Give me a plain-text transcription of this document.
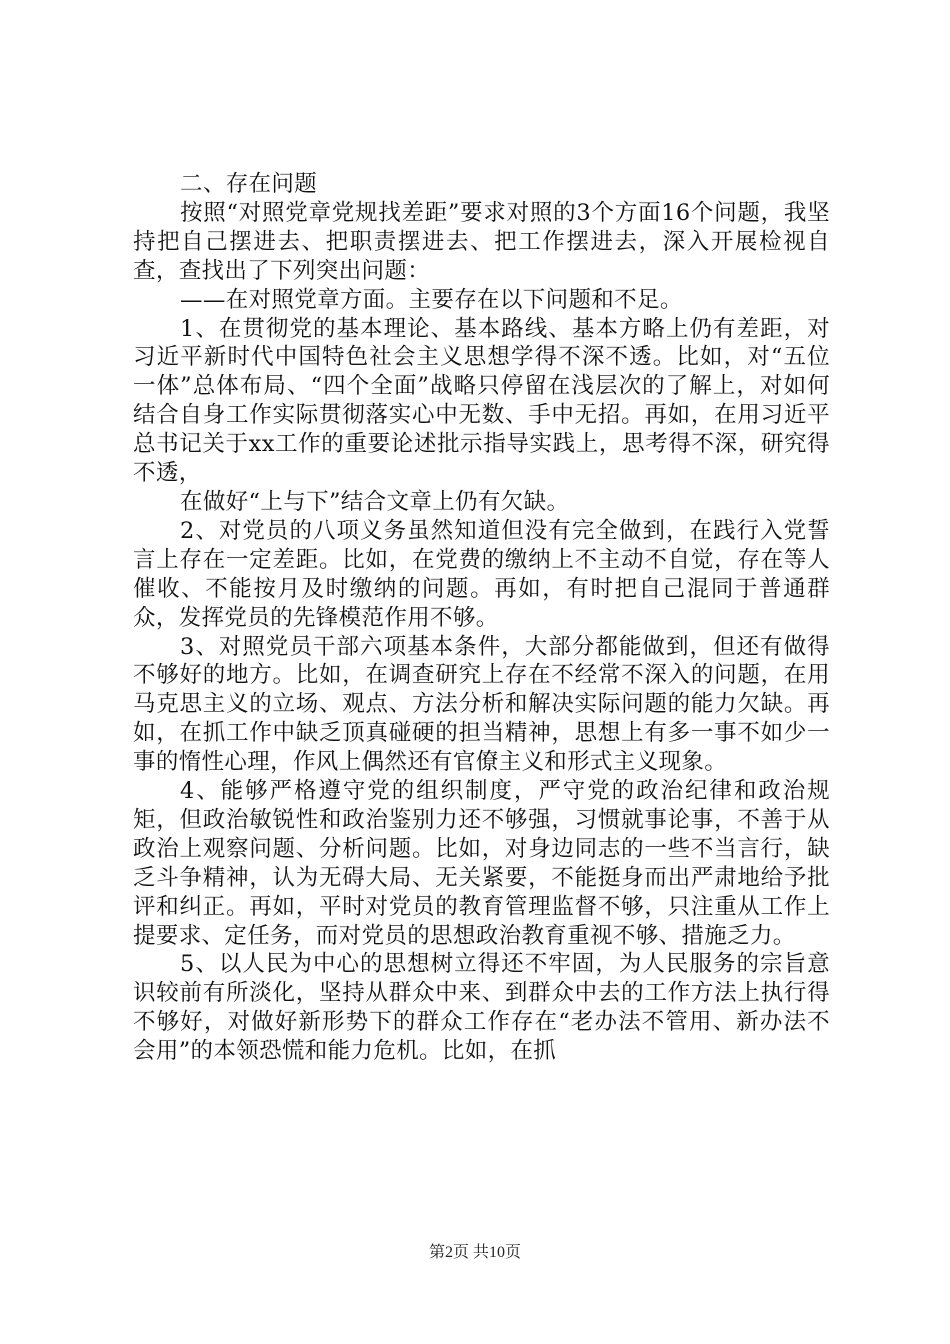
二、存在问题

按照“对照党章党规找差距”要求对照的3个方面16个问题，我坚持把自己摆进去、把职责摆进去、把工作摆进去，深入开展检视自查，查找出了下列突出问题：

——在对照党章方面。主要存在以下问题和不足。

1、在贯彻党的基本理论、基本路线、基本方略上仍有差距，对习近平新时代中国特色社会主义思想学得不深不透。比如，对“五位一体”总体布局、“四个全面”战略只停留在浅层次的了解上，对如何结合自身工作实际贯彻落实心中无数、手中无招。再如，在用习近平总书记关于xx工作的重要论述批示指导实践上，思考得不深，研究得不透，

在做好“上与下”结合文章上仍有欠缺。

2、对党员的八项义务虽然知道但没有完全做到，在践行入党誓言上存在一定差距。比如，在党费的缴纳上不主动不自觉，存在等人催收、不能按月及时缴纳的问题。再如，有时把自己混同于普通群众，发挥党员的先锋模范作用不够。

3、对照党员干部六项基本条件，大部分都能做到，但还有做得不够好的地方。比如，在调查研究上存在不经常不深入的问题，在用马克思主义的立场、观点、方法分析和解决实际问题的能力欠缺。再如，在抓工作中缺乏顶真碰硬的担当精神，思想上有多一事不如少一事的惰性心理，作风上偶然还有官僚主义和形式主义现象。

4、能够严格遵守党的组织制度，严守党的政治纪律和政治规矩，但政治敏锐性和政治鉴别力还不够强，习惯就事论事，不善于从政治上观察问题、分析问题。比如，对身边同志的一些不当言行，缺乏斗争精神，认为无碍大局、无关紧要，不能挺身而出严肃地给予批评和纠正。再如，平时对党员的教育管理监督不够，只注重从工作上提要求、定任务，而对党员的思想政治教育重视不够、措施乏力。

5、以人民为中心的思想树立得还不牢固，为人民服务的宗旨意识较前有所淡化，坚持从群众中来、到群众中去的工作方法上执行得不够好，对做好新形势下的群众工作存在“老办法不管用、新办法不会用”的本领恐慌和能力危机。比如，在抓

第2页 共10页
